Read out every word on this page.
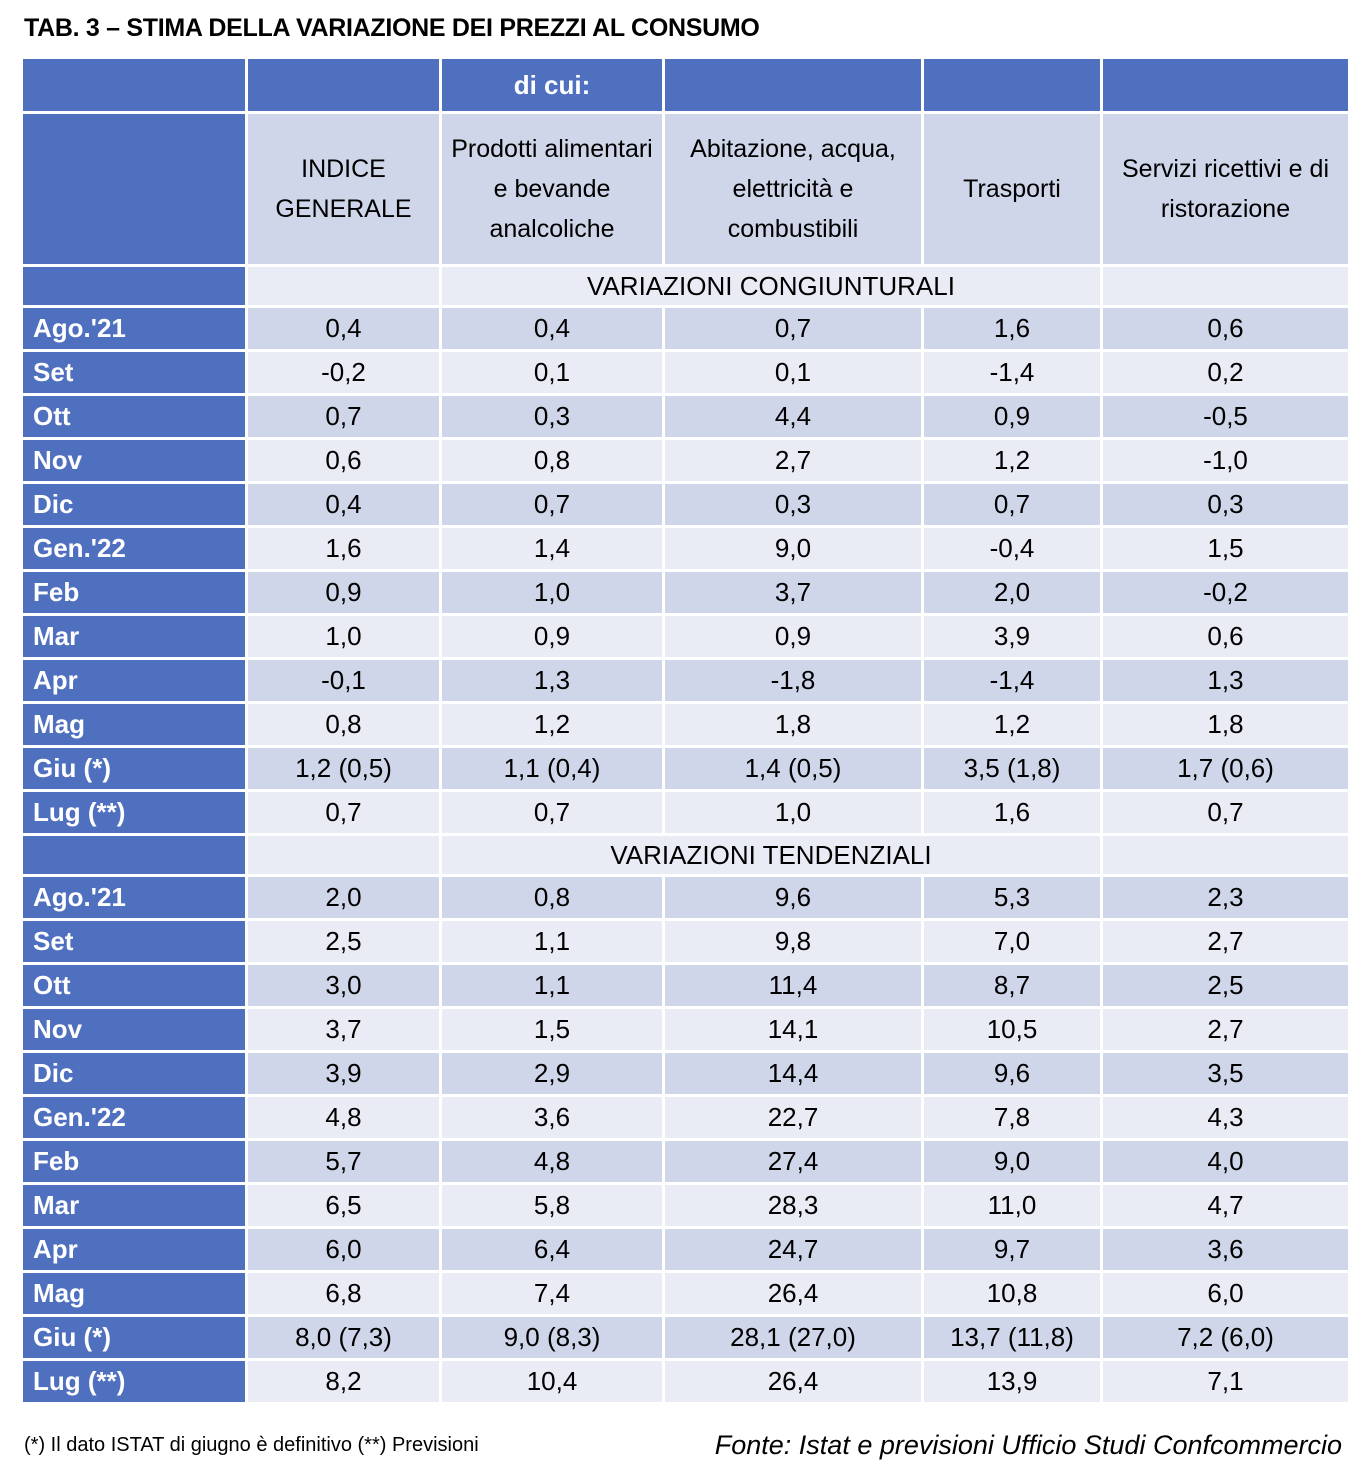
TAB. 3 – STIMA DELLA VARIAZIONE DEI PREZZI AL CONSUMO
		di cui:			
	INDICE GENERALE	Prodotti alimentari e bevande analcoliche	Abitazione, acqua, elettricità e combustibili	Trasporti	Servizi ricettivi e di ristorazione
		VARIAZIONI CONGIUNTURALI			
Ago.'21	0,4	0,4	0,7	1,6	0,6
Set	-0,2	0,1	0,1	-1,4	0,2
Ott	0,7	0,3	4,4	0,9	-0,5
Nov	0,6	0,8	2,7	1,2	-1,0
Dic	0,4	0,7	0,3	0,7	0,3
Gen.'22	1,6	1,4	9,0	-0,4	1,5
Feb	0,9	1,0	3,7	2,0	-0,2
Mar	1,0	0,9	0,9	3,9	0,6
Apr	-0,1	1,3	-1,8	-1,4	1,3
Mag	0,8	1,2	1,8	1,2	1,8
Giu (*)	1,2 (0,5)	1,1 (0,4)	1,4 (0,5)	3,5 (1,8)	1,7 (0,6)
Lug (**)	0,7	0,7	1,0	1,6	0,7
		VARIAZIONI TENDENZIALI			
Ago.'21	2,0	0,8	9,6	5,3	2,3
Set	2,5	1,1	9,8	7,0	2,7
Ott	3,0	1,1	11,4	8,7	2,5
Nov	3,7	1,5	14,1	10,5	2,7
Dic	3,9	2,9	14,4	9,6	3,5
Gen.'22	4,8	3,6	22,7	7,8	4,3
Feb	5,7	4,8	27,4	9,0	4,0
Mar	6,5	5,8	28,3	11,0	4,7
Apr	6,0	6,4	24,7	9,7	3,6
Mag	6,8	7,4	26,4	10,8	6,0
Giu (*)	8,0 (7,3)	9,0 (8,3)	28,1 (27,0)	13,7 (11,8)	7,2 (6,0)
Lug (**)	8,2	10,4	26,4	13,9	7,1
(*) Il dato ISTAT di giugno è definitivo (**) Previsioni	Fonte: Istat e previsioni Ufficio Studi Confcommercio
